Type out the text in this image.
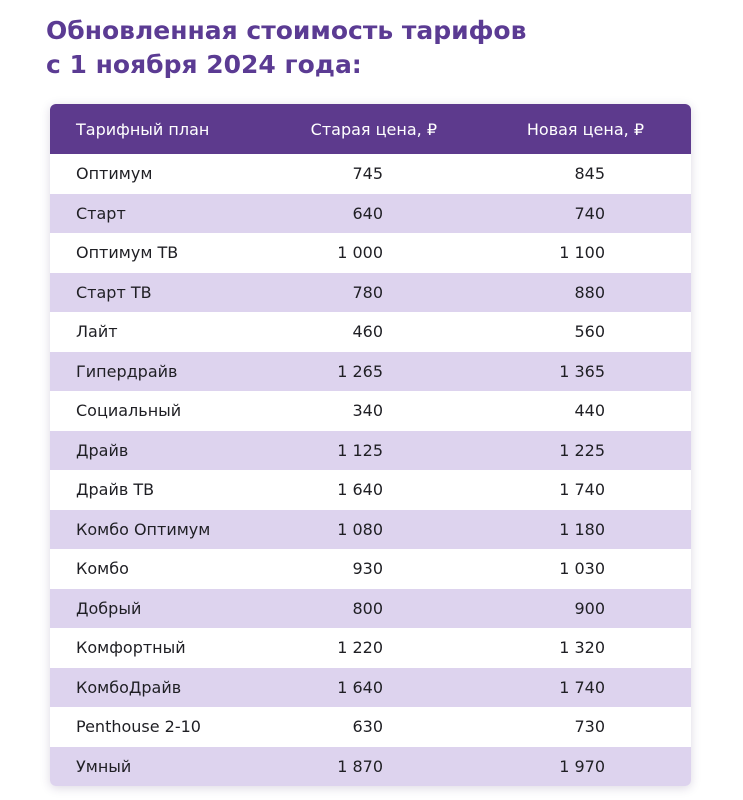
Обновленная стоимость тарифов
с 1 ноября 2024 года:
Тарифный план	Старая цена, ₽	Новая цена, ₽
Оптимум	745	845
Старт	640	740
Оптимум ТВ	1 000	1 100
Старт ТВ	780	880
Лайт	460	560
Гипердрайв	1 265	1 365
Социальный	340	440
Драйв	1 125	1 225
Драйв ТВ	1 640	1 740
Комбо Оптимум	1 080	1 180
Комбо	930	1 030
Добрый	800	900
Комфортный	1 220	1 320
КомбоДрайв	1 640	1 740
Penthouse 2-10	630	730
Умный	1 870	1 970
